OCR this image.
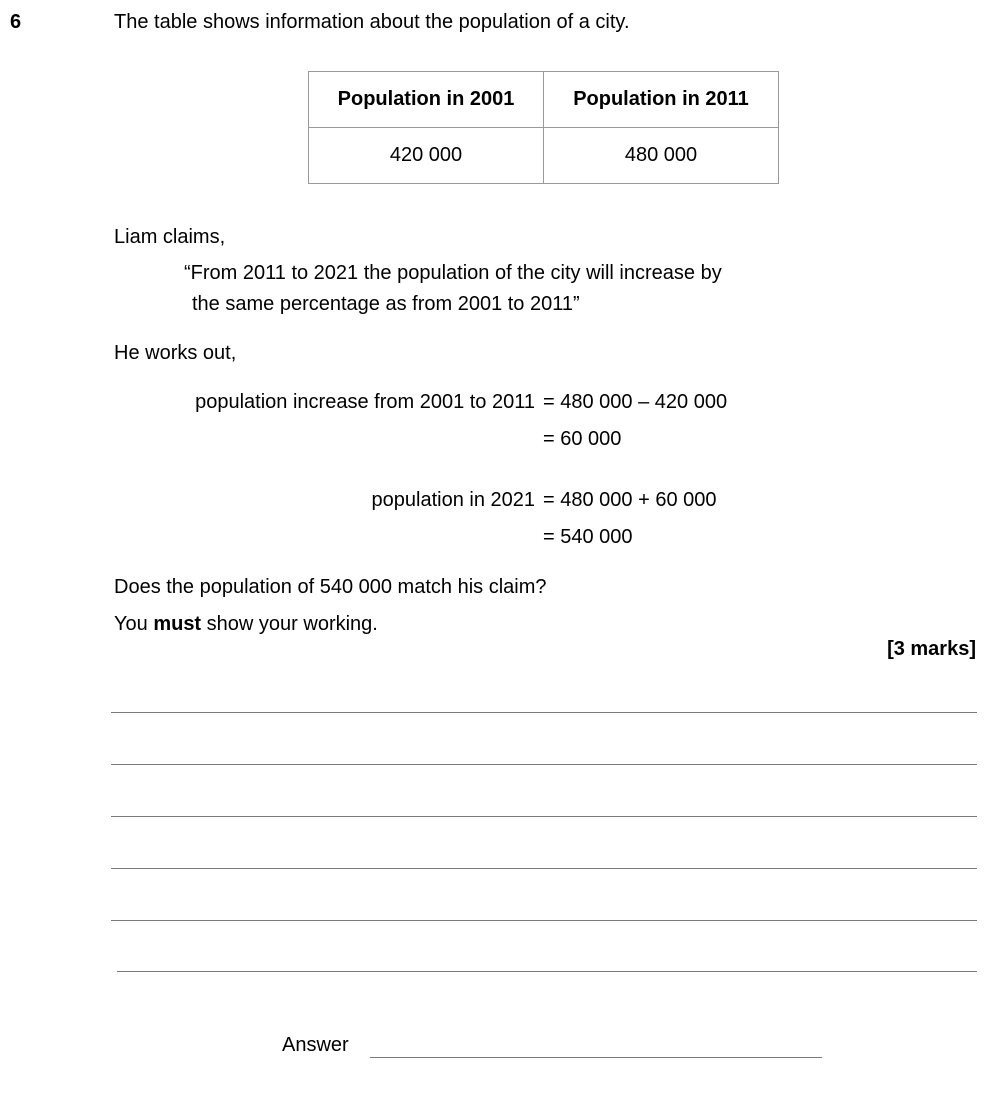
6	The table shows information about the population of a city.
Population in 2001	Population in 2011
420 000	480 000
Liam claims,
“From 2011 to 2021 the population of the city will increase by
the same percentage as from 2001 to 2011”
He works out,
population increase from 2001 to 2011 = 480 000 – 420 000
= 60 000
population in 2021 = 480 000 + 60 000
= 540 000
Does the population of 540 000 match his claim?
You must show your working.
[3 marks]
Answer
